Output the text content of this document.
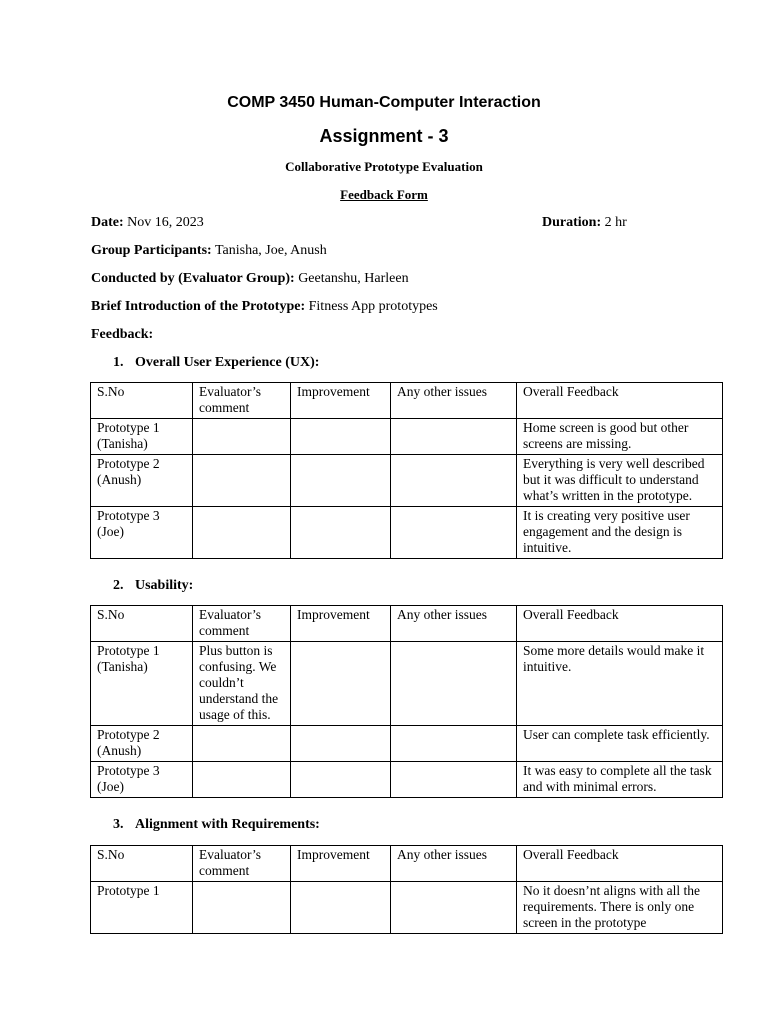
COMP 3450 Human-Computer Interaction
Assignment - 3
Collaborative Prototype Evaluation
Feedback Form
Date: Nov 16, 2023	Duration: 2 hr
Group Participants: Tanisha, Joe, Anush
Conducted by (Evaluator Group): Geetanshu, Harleen
Brief Introduction of the Prototype: Fitness App prototypes
Feedback:
1. Overall User Experience (UX):
S.No	Evaluator’s comment	Improvement	Any other issues	Overall Feedback
Prototype 1 (Tanisha)				Home screen is good but other screens are missing.
Prototype 2 (Anush)				Everything is very well described but it was difficult to understand what’s written in the prototype.
Prototype 3 (Joe)				It is creating very positive user engagement and the design is intuitive.
2. Usability:
S.No	Evaluator’s comment	Improvement	Any other issues	Overall Feedback
Prototype 1 (Tanisha)	Plus button is confusing. We couldn’t understand the usage of this.			Some more details would make it intuitive.
Prototype 2 (Anush)				User can complete task efficiently.
Prototype 3 (Joe)				It was easy to complete all the task and with minimal errors.
3. Alignment with Requirements:
S.No	Evaluator’s comment	Improvement	Any other issues	Overall Feedback
Prototype 1				No it doesn’nt aligns with all the requirements. There is only one screen in the prototype
